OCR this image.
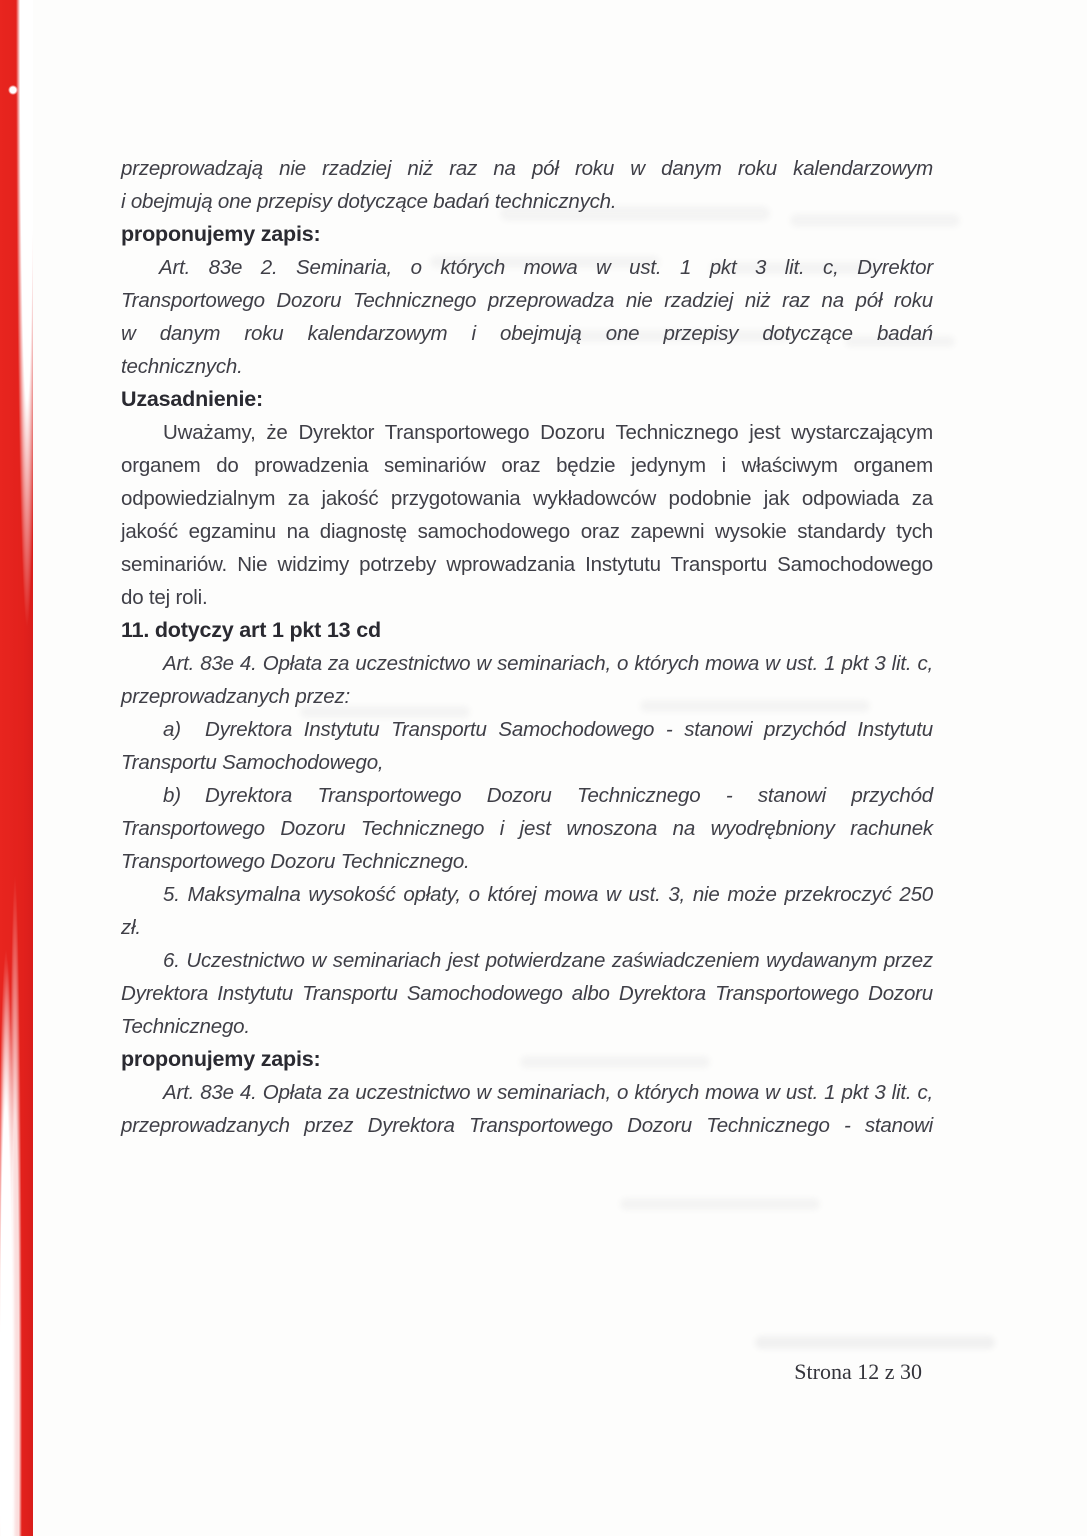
przeprowadzają nie rzadziej niż raz na pół roku w danym roku kalendarzowym
i obejmują one przepisy dotyczące badań technicznych.

proponujemy zapis:

Art. 83e 2. Seminaria, o których mowa w ust. 1 pkt 3 lit. c, Dyrektor
Transportowego Dozoru Technicznego przeprowadza nie rzadziej niż raz na pół roku
w danym roku kalendarzowym i obejmują one przepisy dotyczące badań
technicznych.

Uzasadnienie:

Uważamy, że Dyrektor Transportowego Dozoru Technicznego jest wystarczającym
organem do prowadzenia seminariów oraz będzie jedynym i właściwym organem
odpowiedzialnym za jakość przygotowania wykładowców podobnie jak odpowiada za
jakość egzaminu na diagnostę samochodowego oraz zapewni wysokie standardy tych
seminariów. Nie widzimy potrzeby wprowadzania Instytutu Transportu Samochodowego
do tej roli.

11. dotyczy art 1 pkt 13 cd

Art. 83e 4. Opłata za uczestnictwo w seminariach, o których mowa w ust. 1 pkt 3 lit. c,
przeprowadzanych przez:

a) Dyrektora Instytutu Transportu Samochodowego - stanowi przychód Instytutu
Transportu Samochodowego,

b) Dyrektora Transportowego Dozoru Technicznego - stanowi przychód
Transportowego Dozoru Technicznego i jest wnoszona na wyodrębniony rachunek
Transportowego Dozoru Technicznego.

5. Maksymalna wysokość opłaty, o której mowa w ust. 3, nie może przekroczyć 250
zł.

6. Uczestnictwo w seminariach jest potwierdzane zaświadczeniem wydawanym przez
Dyrektora Instytutu Transportu Samochodowego albo Dyrektora Transportowego Dozoru
Technicznego.

proponujemy zapis:

Art. 83e 4. Opłata za uczestnictwo w seminariach, o których mowa w ust. 1 pkt 3 lit. c,
przeprowadzanych przez Dyrektora Transportowego Dozoru Technicznego - stanowi

Strona 12 z 30
